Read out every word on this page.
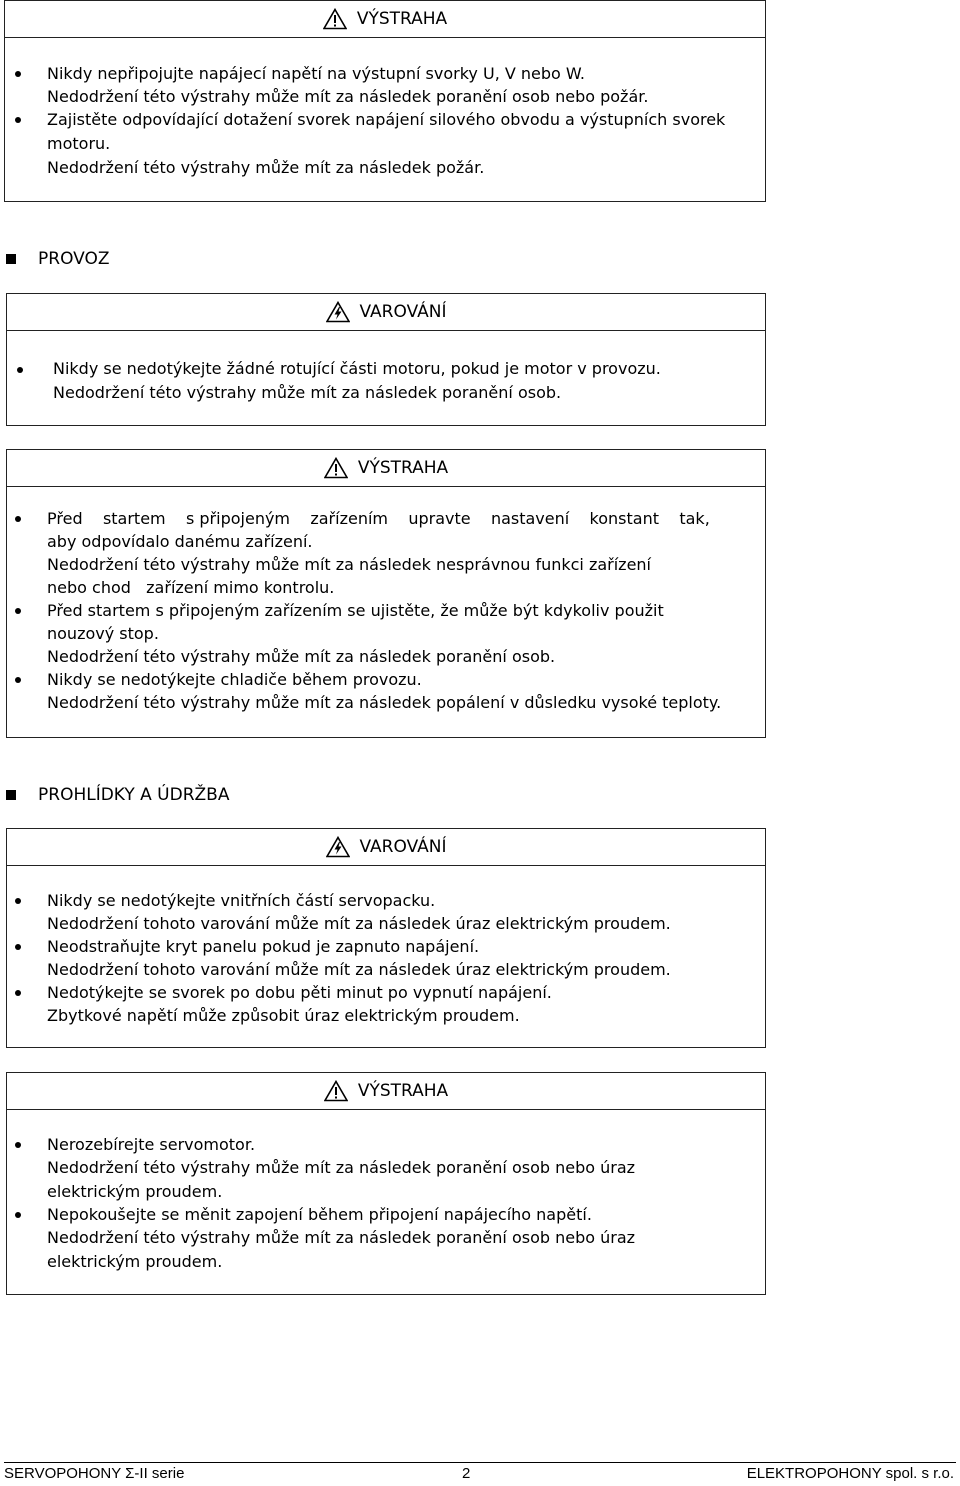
VÝSTRAHA
Nikdy nepřipojujte napájecí napětí na výstupní svorky U, V nebo W.
Nedodržení této výstrahy může mít za následek poranění osob nebo požár.
Zajistěte odpovídající dotažení svorek napájení silového obvodu a výstupních svorek
motoru.
Nedodržení této výstrahy může mít za následek požár.
PROVOZ
VAROVÁNÍ
Nikdy se nedotýkejte žádné rotující části motoru, pokud je motor v provozu.
Nedodržení této výstrahy může mít za následek poranění osob.
VÝSTRAHA
Před    startem    s připojeným    zařízením    upravte    nastavení    konstant    tak,
aby odpovídalo danému zařízení.
Nedodržení této výstrahy může mít za následek nesprávnou funkci zařízení
nebo chod   zařízení mimo kontrolu.
Před startem s připojeným zařízením se ujistěte, že může být kdykoliv použit
nouzový stop.
Nedodržení této výstrahy může mít za následek poranění osob.
Nikdy se nedotýkejte chladiče během provozu.
Nedodržení této výstrahy může mít za následek popálení v důsledku vysoké teploty.
PROHLÍDKY A ÚDRŽBA
VAROVÁNÍ
Nikdy se nedotýkejte vnitřních částí servopacku.
Nedodržení tohoto varování může mít za následek úraz elektrickým proudem.
Neodstraňujte kryt panelu pokud je zapnuto napájení.
Nedodržení tohoto varování může mít za následek úraz elektrickým proudem.
Nedotýkejte se svorek po dobu pěti minut po vypnutí napájení.
Zbytkové napětí může způsobit úraz elektrickým proudem.
VÝSTRAHA
Nerozebírejte servomotor.
Nedodržení této výstrahy může mít za následek poranění osob nebo úraz
elektrickým proudem.
Nepokoušejte se měnit zapojení během připojení napájecího napětí.
Nedodržení této výstrahy může mít za následek poranění osob nebo úraz
elektrickým proudem.
SERVOPOHONY Σ-II serie	2	ELEKTROPOHONY spol. s r.o.
